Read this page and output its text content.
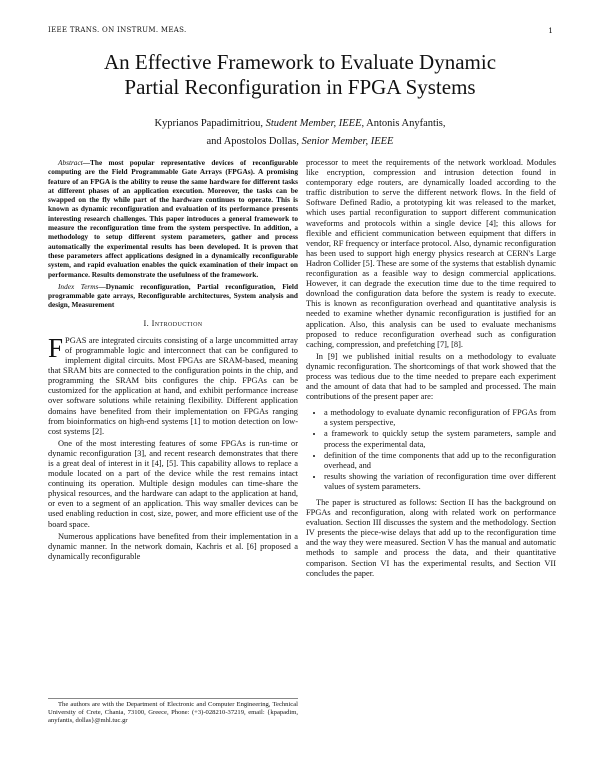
IEEE TRANS. ON INSTRUM. MEAS.	1
An Effective Framework to Evaluate Dynamic
Partial Reconfiguration in FPGA Systems
Kyprianos Papadimitriou, Student Member, IEEE, Antonis Anyfantis,
and Apostolos Dollas, Senior Member, IEEE

Abstract—The most popular representative devices of reconfigurable computing are the Field Programmable Gate Arrays (FPGAs). A promising feature of an FPGA is the ability to reuse the same hardware for different tasks at different phases of an application execution. Moreover, the tasks can be swapped on the fly while part of the hardware continues to operate. This is known as dynamic reconfiguration and evaluation of its performance presents interesting research challenges. This paper introduces a general framework to measure the reconfiguration time from the system perspective. In addition, a methodology to setup different system parameters, gather and process automatically the experimental results has been developed. It is proven that these parameters affect applications designed in a dynamically reconfigurable system, and rapid evaluation enables the quick examination of their impact on performance. Results demonstrate the usefulness of the framework.

Index Terms—Dynamic reconfiguration, Partial reconfiguration, Field programmable gate arrays, Reconfigurable architectures, System analysis and design, Measurement

I. Introduction

FPGAS are integrated circuits consisting of a large uncommitted array of programmable logic and interconnect that can be configured to implement digital circuits. Most FPGAs are SRAM-based, meaning that SRAM bits are connected to the configuration points in the chip, and programming the SRAM bits configures the chip. FPGAs can be customized for the application at hand, and exhibit performance increase over software solutions while retaining flexibility. Different application domains have benefited from their implementation on FPGAs ranging from bioinformatics on high-end systems [1] to motion detection on low-cost systems [2].

One of the most interesting features of some FPGAs is run-time or dynamic reconfiguration [3], and recent research demonstrates that there is a great deal of interest in it [4], [5]. This capability allows to replace a module located on a part of the device while the rest remains intact continuing its operation. Multiple design modules can time-share the physical resources, and the hardware can adapt to the application at hand, or even to a segment of an application. This way smaller devices can be used enabling reduction in cost, size, power, and more efficient use of the board space.

Numerous applications have benefited from their implementation in a dynamic manner. In the network domain, Kachris et al. [6] proposed a dynamically reconfigurable

processor to meet the requirements of the network workload. Modules like encryption, compression and intrusion detection found in contemporary edge routers, are dynamically loaded according to the traffic distribution to serve the different network flows. In the field of Software Defined Radio, a prototyping kit was released to the market, which uses partial reconfiguration to support different communication waveforms and protocols within a single device [4]; this allows for flexible and efficient communication between equipment that differs in vendor, RF frequency or interface protocol. Also, dynamic reconfiguration has been used to support high energy physics research at CERN's Large Hadron Collider [5]. These are some of the systems that establish dynamic reconfiguration as a feasible way to design commercial applications. However, it can degrade the execution time due to the time required to download the configuration data before the system is ready to execute. This is known as reconfiguration overhead and quantitative analysis is needed to examine whether dynamic reconfiguration is justified for an application. Also, this analysis can be used to evaluate mechanisms proposed to reduce reconfiguration overhead such as configuration caching, compression, and prefetching [7], [8].

In [9] we published initial results on a methodology to evaluate dynamic reconfiguration. The shortcomings of that work showed that the process was tedious due to the time needed to prepare each experiment and the amount of data that had to be sampled and processed. The main contributions of the present paper are:

• a methodology to evaluate dynamic reconfiguration of FPGAs from a system perspective,
• a framework to quickly setup the system parameters, sample and process the experimental data,
• definition of the time components that add up to the reconfiguration overhead, and
• results showing the variation of reconfiguration time over different values of system parameters.

The paper is structured as follows: Section II has the background on FPGAs and reconfiguration, along with related work on performance evaluation. Section III discusses the system and the methodology. Section IV presents the piece-wise delays that add up to the reconfiguration time and the way they were measured. Section V has the manual and automatic methods to sample and process the data, and their quantitative comparison. Section VI has the experimental results, and Section VII concludes the paper.

The authors are with the Department of Electronic and Computer Engineering, Technical University of Crete, Chania, 73100, Greece, Phone: (+3)-028210-37219, email: {kpapadim, anyfantis, dollas}@mhl.tuc.gr
